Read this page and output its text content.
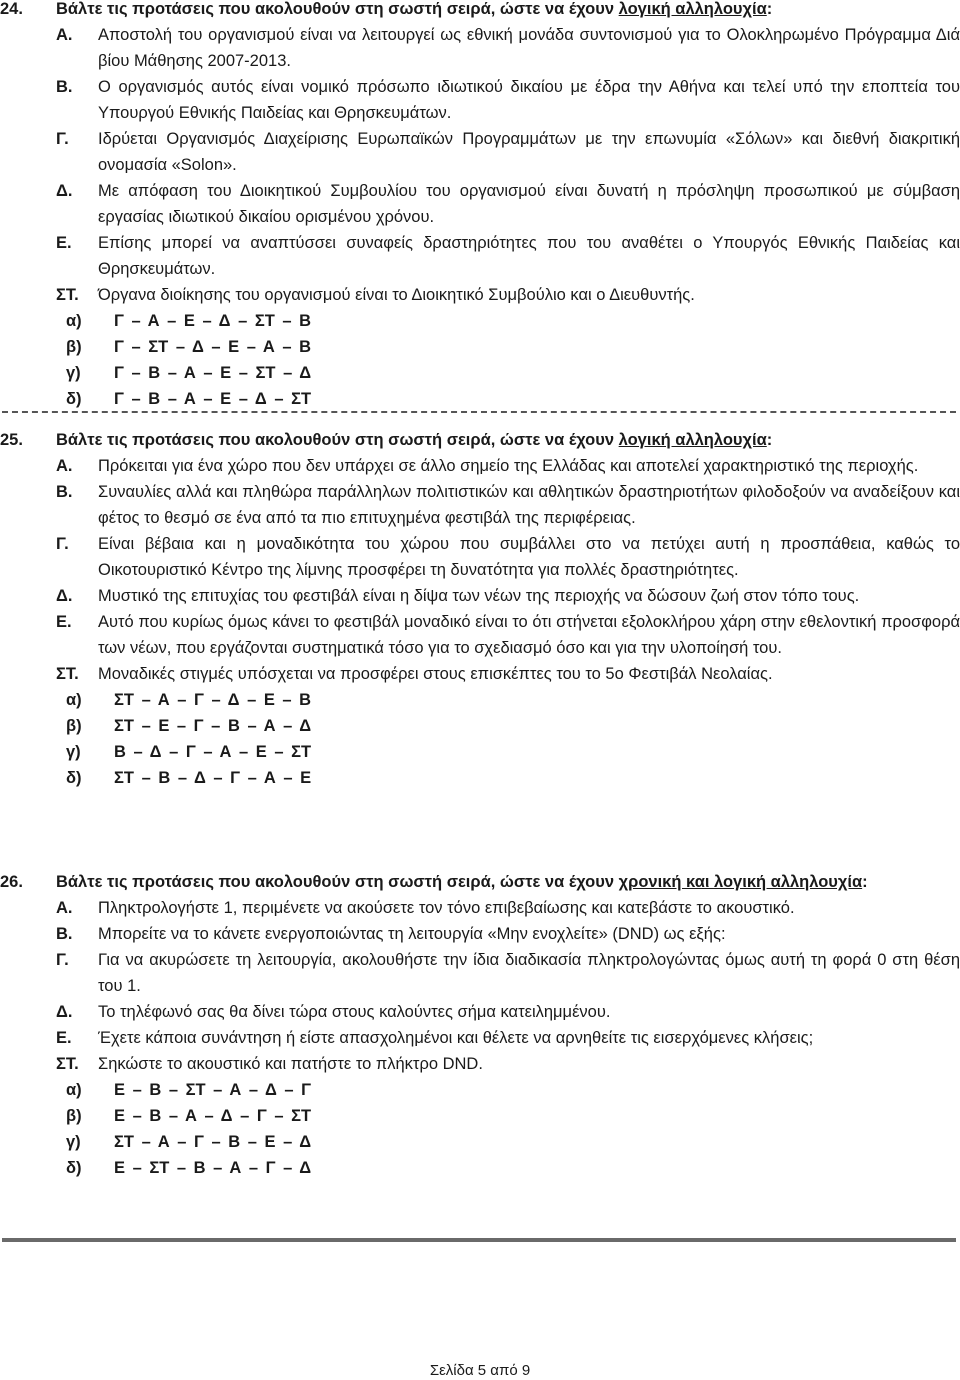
24.	Βάλτε τις προτάσεις που ακολουθούν στη σωστή σειρά, ώστε να έχουν λογική αλληλουχία:
Α.	Αποστολή του οργανισμού είναι να λειτουργεί ως εθνική μονάδα συντονισμού για το Ολοκληρωμένο Πρόγραμμα Διά βίου Μάθησης 2007-2013.
Β.	Ο οργανισμός αυτός είναι νομικό πρόσωπο ιδιωτικού δικαίου με έδρα την Αθήνα και τελεί υπό την εποπτεία του Υπουργού Εθνικής Παιδείας και Θρησκευμάτων.
Γ.	Ιδρύεται Οργανισμός Διαχείρισης Ευρωπαϊκών Προγραμμάτων με την επωνυμία «Σόλων» και διεθνή διακριτική ονομασία «Solon».
Δ.	Με απόφαση του Διοικητικού Συμβουλίου του οργανισμού είναι δυνατή η πρόσληψη προσωπικού με σύμβαση εργασίας ιδιωτικού δικαίου ορισμένου χρόνου.
Ε.	Επίσης μπορεί να αναπτύσσει συναφείς δραστηριότητες που του αναθέτει ο Υπουργός Εθνικής Παιδείας και Θρησκευμάτων.
ΣΤ.	Όργανα διοίκησης του οργανισμού είναι το Διοικητικό Συμβούλιο και ο Διευθυντής.
α)	Γ – Α – Ε – Δ – ΣΤ – Β
β)	Γ – ΣΤ – Δ – Ε – Α – Β
γ)	Γ – Β – Α – Ε – ΣΤ – Δ
δ)	Γ – Β – Α – Ε – Δ – ΣΤ
25.	Βάλτε τις προτάσεις που ακολουθούν στη σωστή σειρά, ώστε να έχουν λογική αλληλουχία:
Α.	Πρόκειται για ένα χώρο που δεν υπάρχει σε άλλο σημείο της Ελλάδας και αποτελεί χαρακτηριστικό της περιοχής.
Β.	Συναυλίες αλλά και πληθώρα παράλληλων πολιτιστικών και αθλητικών δραστηριοτήτων φιλοδοξούν να αναδείξουν και φέτος το θεσμό σε ένα από τα πιο επιτυχημένα φεστιβάλ της περιφέρειας.
Γ.	Είναι βέβαια και η μοναδικότητα του χώρου που συμβάλλει στο να πετύχει αυτή η προσπάθεια, καθώς το Οικοτουριστικό Κέντρο της λίμνης προσφέρει τη δυνατότητα για πολλές δραστηριότητες.
Δ.	Μυστικό της επιτυχίας του φεστιβάλ είναι η δίψα των νέων της περιοχής να δώσουν ζωή στον τόπο τους.
Ε.	Αυτό που κυρίως όμως κάνει το φεστιβάλ μοναδικό είναι το ότι στήνεται εξολοκλήρου χάρη στην εθελοντική προσφορά των νέων, που εργάζονται συστηματικά τόσο για το σχεδιασμό όσο και για την υλοποίησή του.
ΣΤ.	Μοναδικές στιγμές υπόσχεται να προσφέρει στους επισκέπτες του το 5ο Φεστιβάλ Νεολαίας.
α)	ΣΤ – Α – Γ – Δ – Ε – Β
β)	ΣΤ – Ε – Γ – Β – Α – Δ
γ)	Β – Δ – Γ – Α – Ε – ΣΤ
δ)	ΣΤ – Β – Δ – Γ – Α – Ε
26.	Βάλτε τις προτάσεις που ακολουθούν στη σωστή σειρά, ώστε να έχουν χρονική και λογική αλληλουχία:
Α.	Πληκτρολογήστε 1, περιμένετε να ακούσετε τον τόνο επιβεβαίωσης και κατεβάστε το ακουστικό.
Β.	Μπορείτε να το κάνετε ενεργοποιώντας τη λειτουργία «Μην ενοχλείτε» (DND) ως εξής:
Γ.	Για να ακυρώσετε τη λειτουργία, ακολουθήστε την ίδια διαδικασία πληκτρολογώντας όμως αυτή τη φορά 0 στη θέση του 1.
Δ.	Το τηλέφωνό σας θα δίνει τώρα στους καλούντες σήμα κατειλημμένου.
Ε.	Έχετε κάποια συνάντηση ή είστε απασχολημένοι και θέλετε να αρνηθείτε τις εισερχόμενες κλήσεις;
ΣΤ.	Σηκώστε το ακουστικό και πατήστε το πλήκτρο DND.
α)	Ε – Β – ΣΤ – Α – Δ – Γ
β)	Ε – Β – Α – Δ – Γ – ΣΤ
γ)	ΣΤ – Α – Γ – Β – Ε – Δ
δ)	Ε – ΣΤ – Β – Α – Γ – Δ
Σελίδα 5 από 9
